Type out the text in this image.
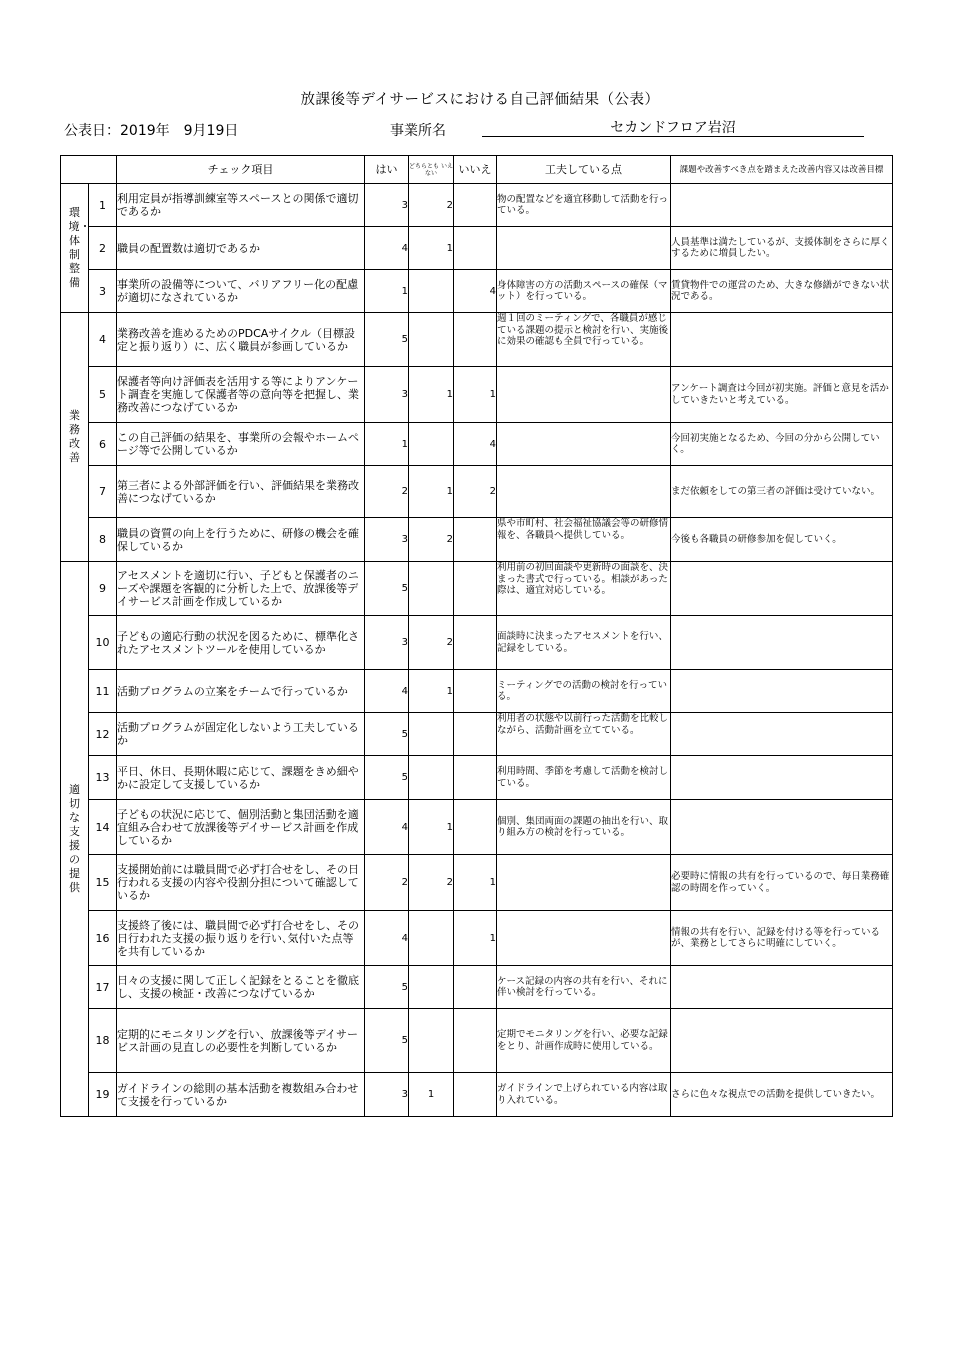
放課後等デイサービスにおける自己評価結果（公表）
公表日：2019年　9月19日	事業所名	セカンドフロア岩沼
		チェック項目	はい	どちらとも いえない	いいえ	工夫している点	課題や改善すべき点を踏まえた改善内容又は改善目標
環境・体制整備	1	利用定員が指導訓練室等スペースとの関係で適切であるか	3	2		物の配置などを適宜移動して活動を行っている。	
	2	職員の配置数は適切であるか	4	1			人員基準は満たしているが、支援体制をさらに厚くするために増員したい。
	3	事業所の設備等について、バリアフリー化の配慮が適切になされているか	1		4	身体障害の方の活動スペースの確保（マット）を行っている。	賃貸物件での運営のため、大きな修繕ができない状況である。
業務改善	4	業務改善を進めるためのPDCAサイクル（目標設定と振り返り）に、広く職員が参画しているか	5			週１回のミーティングで、各職員が感じている課題の提示と検討を行い、実施後に効果の確認も全員で行っている。	
	5	保護者等向け評価表を活用する等によりアンケート調査を実施して保護者等の意向等を把握し、業務改善につなげているか	3	1	1		アンケート調査は今回が初実施。評価と意見を活かしていきたいと考えている。
	6	この自己評価の結果を、事業所の会報やホームページ等で公開しているか	1		4		今回初実施となるため、今回の分から公開していく。
	7	第三者による外部評価を行い、評価結果を業務改善につなげているか	2	1	2		まだ依頼をしての第三者の評価は受けていない。
	8	職員の資質の向上を行うために、研修の機会を確保しているか	3	2		県や市町村、社会福祉協議会等の研修情報を、各職員へ提供している。	今後も各職員の研修参加を促していく。
適切な支援の提供	9	アセスメントを適切に行い、子どもと保護者のニーズや課題を客観的に分析した上で、放課後等デイサービス計画を作成しているか	5			利用前の初回面談や更新時の面談を、決まった書式で行っている。相談があった際は、適宜対応している。	
	10	子どもの適応行動の状況を図るために、標準化されたアセスメントツールを使用しているか	3	2		面談時に決まったアセスメントを行い、記録をしている。	
	11	活動プログラムの立案をチームで行っているか	4	1		ミーティングでの活動の検討を行っている。	
	12	活動プログラムが固定化しないよう工夫しているか	5			利用者の状態や以前行った活動を比較しながら、活動計画を立てている。	
	13	平日、休日、長期休暇に応じて、課題をきめ細やかに設定して支援しているか	5			利用時間、季節を考慮して活動を検討している。	
	14	子どもの状況に応じて、個別活動と集団活動を適宜組み合わせて放課後等デイサービス計画を作成しているか	4	1		個別、集団両面の課題の抽出を行い、取り組み方の検討を行っている。	
	15	支援開始前には職員間で必ず打合せをし、その日行われる支援の内容や役割分担について確認しているか	2	2	1		必要時に情報の共有を行っているので、毎日業務確認の時間を作っていく。
	16	支援終了後には、職員間で必ず打合せをし、その日行われた支援の振り返りを行い､気付いた点等を共有しているか	4		1		情報の共有を行い、記録を付ける等を行っているが、業務としてさらに明確にしていく。
	17	日々の支援に関して正しく記録をとることを徹底し、支援の検証・改善につなげているか	5			ケース記録の内容の共有を行い、それに伴い検討を行っている。	
	18	定期的にモニタリングを行い、放課後等デイサービス計画の見直しの必要性を判断しているか	5			定期でモニタリングを行い、必要な記録をとり、計画作成時に使用している。	
	19	ガイドラインの総則の基本活動を複数組み合わせて支援を行っているか	3	1		ガイドラインで上げられている内容は取り入れている。	さらに色々な視点での活動を提供していきたい。
